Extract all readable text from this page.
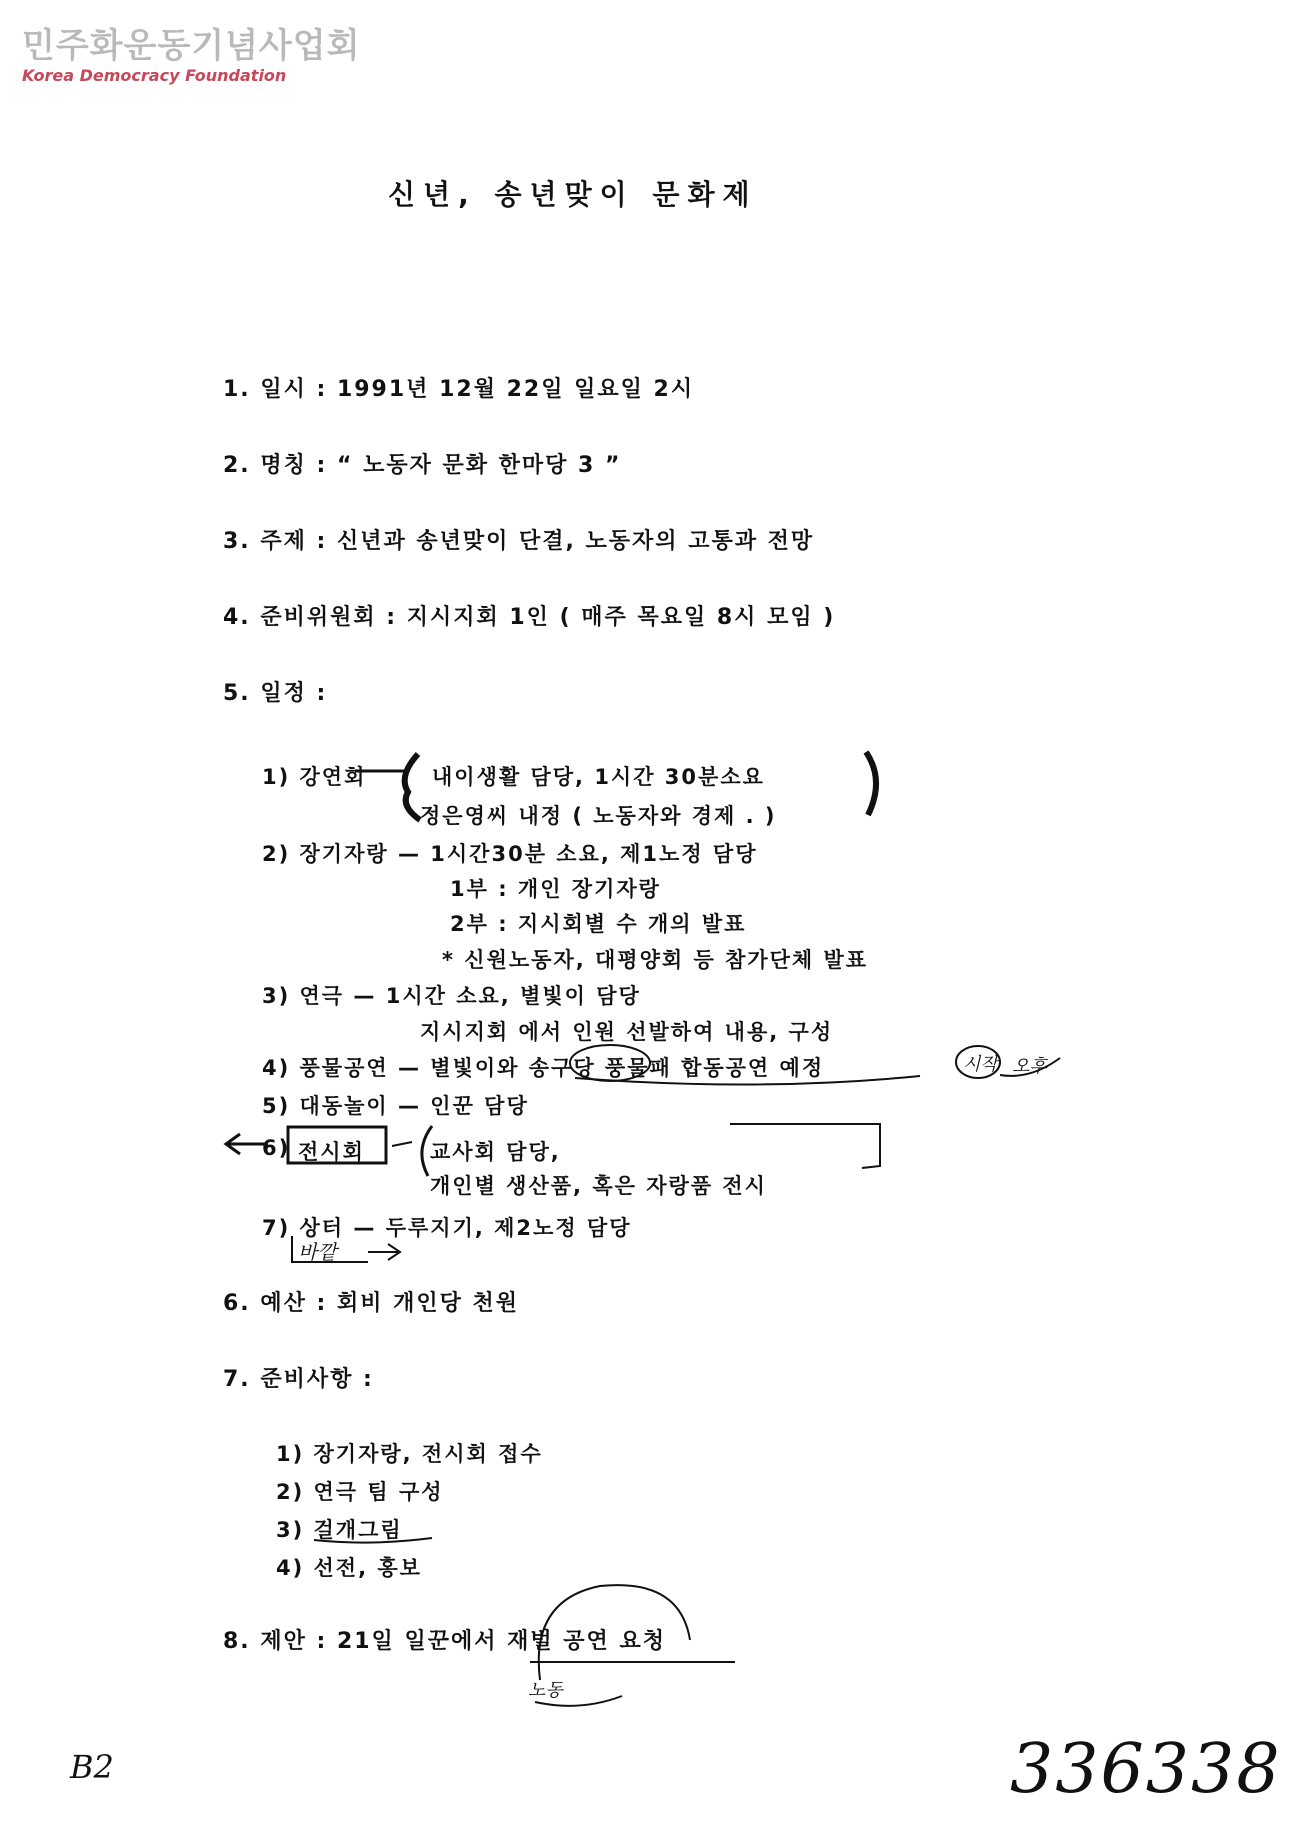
민주화운동기념사업회
Korea Democracy Foundation
신년, 송년맞이 문화제
1. 일시 : 1991년 12월 22일 일요일 2시
2. 명칭 : “ 노동자 문화 한마당 3 ”
3. 주제 : 신년과 송년맞이 단결, 노동자의 고통과 전망
4. 준비위원회 : 지시지회 1인 ( 매주 목요일 8시 모임 )
5. 일정 :
1) 강연회	내이생활 담당, 1시간 30분소요
정은영씨 내정 ( 노동자와 경제 . )
2) 장기자랑 — 1시간30분 소요, 제1노정 담당
1부 : 개인 장기자랑
2부 : 지시회별 수 개의 발표
* 신원노동자, 대평양회 등 참가단체 발표
3) 연극 — 1시간 소요, 별빛이 담당
지시지회 에서 인원 선발하여 내용, 구성
4) 풍물공연 — 별빛이와 송구당 풍물패 합동공연 예정
5) 대동놀이 — 인꾼 담당
6) 전시회	교사회 담당,
개인별 생산품, 혹은 자랑품 전시
7) 상터 — 두루지기, 제2노정 담당
6. 예산 : 회비 개인당 천원
7. 준비사항 :
1) 장기자랑, 전시회 접수
2) 연극 팀 구성
3) 걸개그림
4) 선전, 홍보
8. 제안 : 21일 일꾼에서 재벌 공연 요청
시작 오후
바깥
노동
B2	336338
